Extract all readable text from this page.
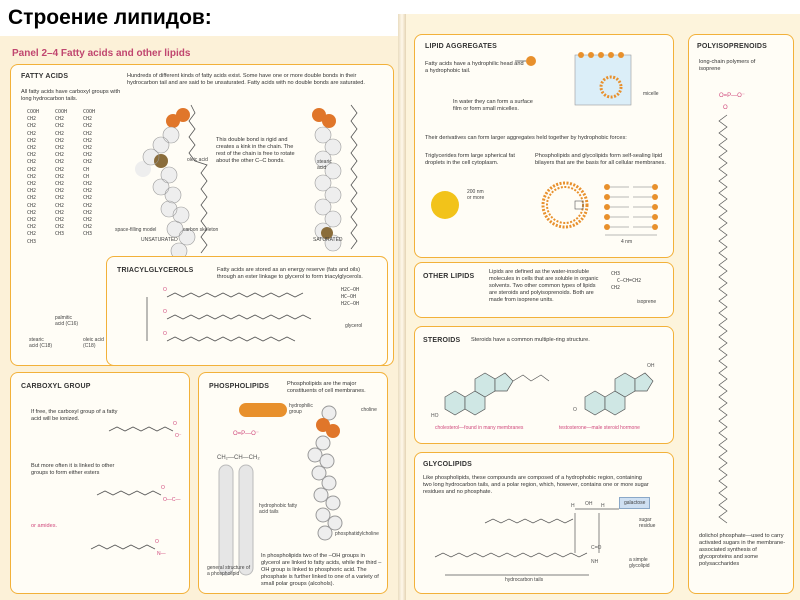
Строение липидов:
Panel 2–4 Fatty acids and other lipids
FATTY ACIDS
All fatty acids have carboxyl groups with long hydrocarbon tails.
Hundreds of different kinds of fatty acids exist. Some have one or more double bonds in their hydrocarbon tail and are said to be unsaturated. Fatty acids with no double bonds are saturated.
COOH
CH2
CH2
CH2
CH2
CH2
CH2
CH2
CH2
CH2
CH2
CH2
CH2
CH2
CH2
CH2
CH2
CH2
CH3
COOH
CH2
CH2
CH2
CH2
CH2
CH2
CH2
CH2
CH2
CH2
CH2
CH2
CH2
CH2
CH2
CH2
CH3
COOH
CH2
CH2
CH2
CH2
CH2
CH2
CH2
CH
CH
CH2
CH2
CH2
CH2
CH2
CH2
CH2
CH3
palmitic acid (C16)
stearic acid (C18)
oleic acid (C18)
This double bond is rigid and creates a kink in the chain. The rest of the chain is free to rotate about the other C–C bonds.
oleic acid	stearic acid
space-filling model	carbon skeleton
UNSATURATED	SATURATED
TRIACYLGLYCEROLS	Fatty acids are stored as an energy reserve (fats and oils) through an ester linkage to glycerol to form triacylglycerols.
O
O
O
H2C—OH
HC—OH
H2C—OH
glycerol
CARBOXYL GROUP
If free, the carboxyl group of a fatty acid will be ionized.
But more often it is linked to other groups to form either esters
or amides.
O
O⁻
O
O—C—
O
N—
PHOSPHOLIPIDS	Phospholipids are the major constituents of cell membranes.
O=P—O⁻
CH₂—CH—CH₂
hydrophilic group	choline
hydrophobic fatty acid tails
general structure of a phospholipid
phosphatidylcholine
In phospholipids two of the –OH groups in glycerol are linked to fatty acids, while the third –OH group is linked to phosphoric acid. The phosphate is further linked to one of a variety of small polar groups (alcohols).
LIPID AGGREGATES
Fatty acids have a hydrophilic head and a hydrophobic tail.
In water they can form a surface film or form small micelles.
micelle
Their derivatives can form larger aggregates held together by hydrophobic forces:
Triglycerides form large spherical fat droplets in the cell cytoplasm.
Phospholipids and glycolipids form self-sealing lipid bilayers that are the basis for all cellular membranes.
200 nm or more
4 nm
OTHER LIPIDS
Lipids are defined as the water-insoluble molecules in cells that are soluble in organic solvents. Two other common types of lipids are steroids and polyisoprenoids. Both are made from isoprene units.
CH3
C—CH=CH2
CH2
isoprene
STEROIDS Steroids have a common multiple-ring structure.
HO
O
OH
cholesterol—found in many membranes	testosterone—male steroid hormone
GLYCOLIPIDS
Like phospholipids, these compounds are composed of a hydrophobic region, containing two long hydrocarbon tails, and a polar region, which, however, contains one or more sugar residues and no phosphate.
galactose
sugar residue
a simple glycolipid
hydrocarbon tails
H OH H
C=O
NH
POLYISOPRENOIDS
long-chain polymers of isoprene
O=P—O⁻
O
dolichol phosphate—used to carry activated sugars in the membrane-associated synthesis of glycoproteins and some polysaccharides
